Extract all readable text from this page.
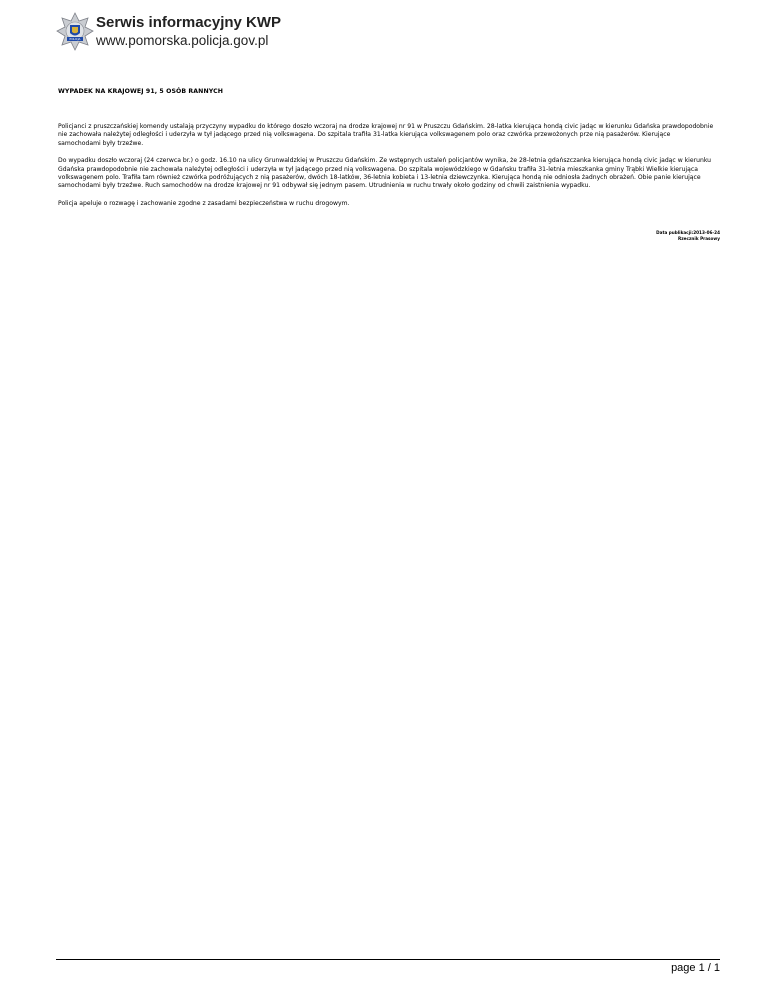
POLICJA
Serwis informacyjny KWP
www.pomorska.policja.gov.pl
WYPADEK NA KRAJOWEJ 91, 5 OSÓB RANNYCH

Policjanci z pruszczańskiej komendy ustalają przyczyny wypadku do którego doszło wczoraj na drodze krajowej nr 91 w Pruszczu Gdańskim. 28-latka kierująca hondą civic jadąc w kierunku Gdańska prawdopodobnie nie zachowała należytej odległości i uderzyła w tył jadącego przed nią volkswagena. Do szpitala trafiła 31-latka kierująca volkswagenem polo oraz czwórka przewożonych prze nią pasażerów. Kierujące samochodami były trzeźwe.

Do wypadku doszło wczoraj (24 czerwca br.) o godz. 16.10 na ulicy Grunwaldzkiej w Pruszczu Gdańskim. Ze wstępnych ustaleń policjantów wynika, że 28-letnia gdańszczanka kierująca hondą civic jadąc w kierunku Gdańska prawdopodobnie nie zachowała należytej odległości i uderzyła w tył jadącego przed nią volkswagena. Do szpitala wojewódzkiego w Gdańsku trafiła 31-letnia mieszkanka gminy Trąbki Wielkie kierująca volkswagenem polo. Trafiła tam również czwórka podróżujących z nią pasażerów, dwóch 18-latków, 36-letnia kobieta i 13-letnia dziewczynka. Kierująca hondą nie odniosła żadnych obrażeń. Obie panie kierujące samochodami były trzeźwe. Ruch samochodów na drodze krajowej nr 91 odbywał się jednym pasem. Utrudnienia w ruchu trwały około godziny od chwili zaistnienia wypadku.

Policja apeluje o rozwagę i zachowanie zgodne z zasadami bezpieczeństwa w ruchu drogowym.

Data publikacji:2013-06-24
Rzecznik Prasowy
page 1 / 1
